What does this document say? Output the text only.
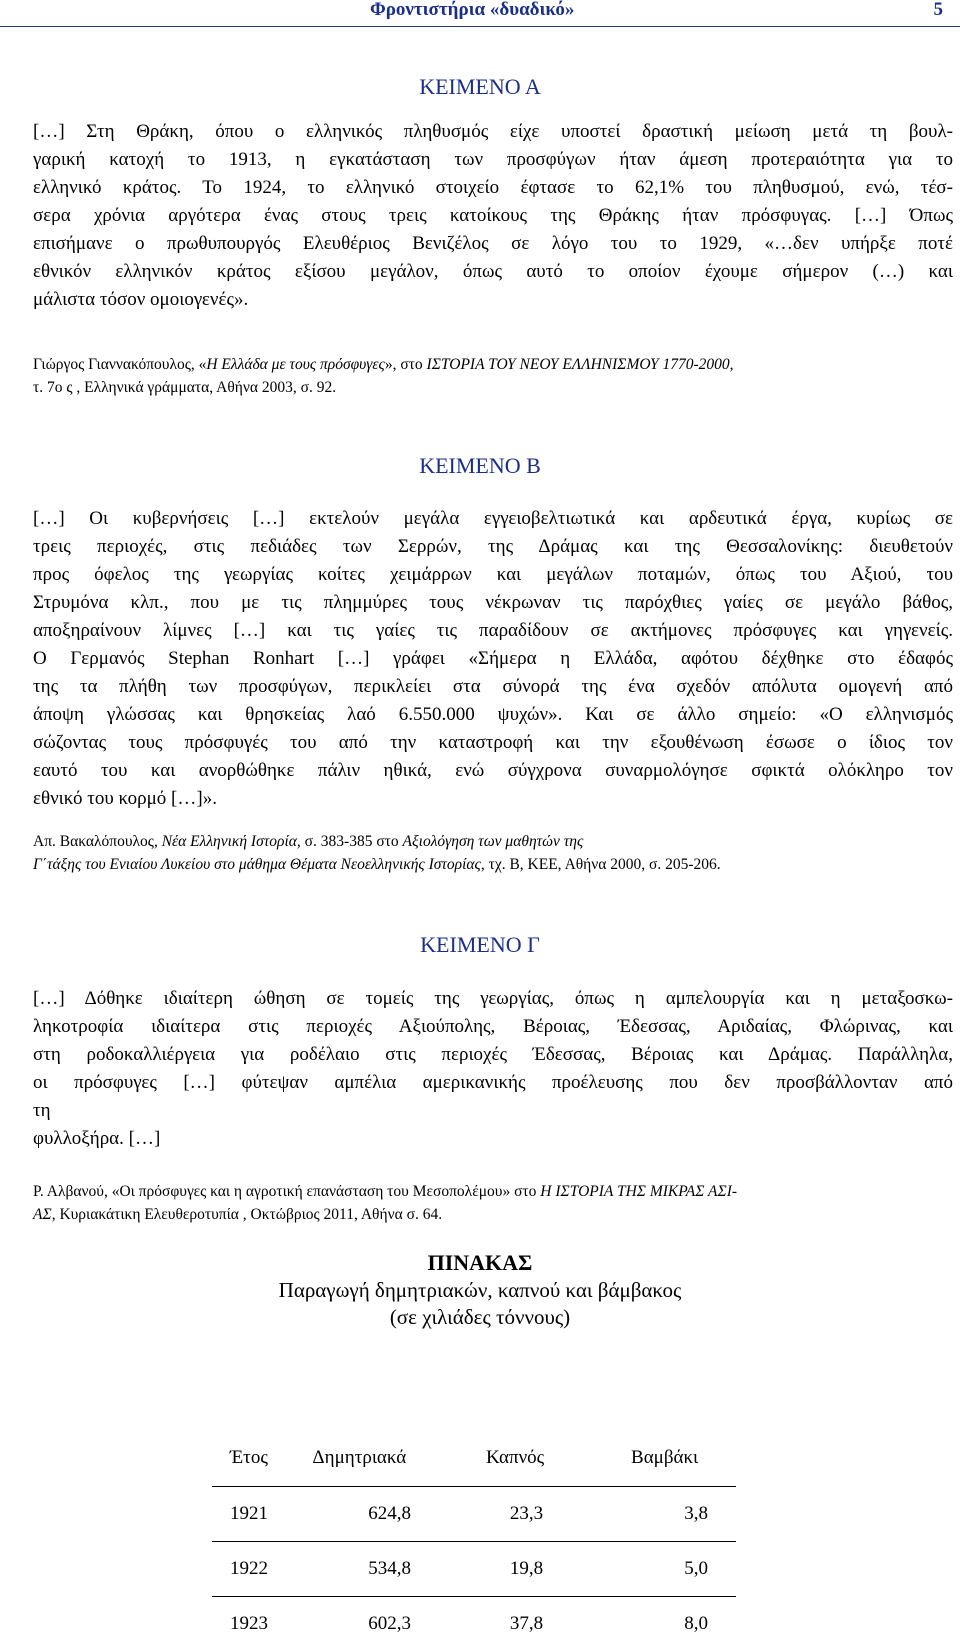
Φροντιστήρια «δυαδικό»	5
ΚΕΙΜΕΝΟ Α

[…] Στη Θράκη, όπου ο ελληνικός πληθυσμός είχε υποστεί δραστική μείωση μετά τη βουλ-
γαρική κατοχή το 1913, η εγκατάσταση των προσφύγων ήταν άμεση προτεραιότητα για το
ελληνικό κράτος. Το 1924, το ελληνικό στοιχείο έφτασε το 62,1% του πληθυσμού, ενώ, τέσ-
σερα χρόνια αργότερα ένας στους τρεις κατοίκους της Θράκης ήταν πρόσφυγας. […] Όπως
επισήμανε ο πρωθυπουργός Ελευθέριος Βενιζέλος σε λόγο του το 1929, «…δεν υπήρξε ποτέ
εθνικόν ελληνικόν κράτος εξίσου μεγάλον, όπως αυτό το οποίον έχουμε σήμερον (…) και
μάλιστα τόσον ομοιογενές».

Γιώργος Γιαννακόπουλος, «Η Ελλάδα με τους πρόσφυγες», στο ΙΣΤΟΡΙΑ ΤΟΥ ΝΕΟΥ ΕΛΛΗΝΙΣΜΟΥ 1770-2000,
τ. 7ο ς , Ελληνικά γράμματα, Αθήνα 2003, σ. 92.

ΚΕΙΜΕΝΟ Β

[…] Οι κυβερνήσεις […] εκτελούν μεγάλα εγγειοβελτιωτικά και αρδευτικά έργα, κυρίως σε
τρεις περιοχές, στις πεδιάδες των Σερρών, της Δράμας και της Θεσσαλονίκης: διευθετούν
προς όφελος της γεωργίας κοίτες χειμάρρων και μεγάλων ποταμών, όπως του Αξιού, του
Στρυμόνα κλπ., που με τις πλημμύρες τους νέκρωναν τις παρόχθιες γαίες σε μεγάλο βάθος,
αποξηραίνουν λίμνες […] και τις γαίες τις παραδίδουν σε ακτήμονες πρόσφυγες και γηγενείς.
Ο Γερμανός Stephan Ronhart […] γράφει «Σήμερα η Ελλάδα, αφότου δέχθηκε στο έδαφός
της τα πλήθη των προσφύγων, περικλείει στα σύνορά της ένα σχεδόν απόλυτα ομογενή από
άποψη γλώσσας και θρησκείας λαό 6.550.000 ψυχών». Και σε άλλο σημείο: «Ο ελληνισμός
σώζοντας τους πρόσφυγές του από την καταστροφή και την εξουθένωση έσωσε ο ίδιος τον
εαυτό του και ανορθώθηκε πάλιν ηθικά, ενώ σύγχρονα συναρμολόγησε σφικτά ολόκληρο τον
εθνικό του κορμό […]».

Απ. Βακαλόπουλος, Νέα Ελληνική Ιστορία, σ. 383-385 στο Αξιολόγηση των μαθητών της
Γ΄τάξης του Ενιαίου Λυκείου στο μάθημα Θέματα Νεοελληνικής Ιστορίας, τχ. Β, ΚΕΕ, Αθήνα 2000, σ. 205-206.

ΚΕΙΜΕΝΟ Γ

[…] Δόθηκε ιδιαίτερη ώθηση σε τομείς της γεωργίας, όπως η αμπελουργία και η μεταξοσκω-
ληκοτροφία ιδιαίτερα στις περιοχές Αξιούπολης, Βέροιας, Έδεσσας, Αριδαίας, Φλώρινας, και
στη ροδοκαλλιέργεια για ροδέλαιο στις περιοχές Έδεσσας, Βέροιας και Δράμας. Παράλληλα,
οι πρόσφυγες […] φύτεψαν αμπέλια αμερικανικής προέλευσης που δεν προσβάλλονταν από
τη
φυλλοξήρα. […]

Ρ. Αλβανού, «Οι πρόσφυγες και η αγροτική επανάσταση του Μεσοπολέμου» στο Η ΙΣΤΟΡΙΑ ΤΗΣ ΜΙΚΡΑΣ ΑΣΙ-
ΑΣ, Κυριακάτικη Ελευθεροτυπία , Οκτώβριος 2011, Αθήνα σ. 64.

ΠΙΝΑΚΑΣ
Παραγωγή δημητριακών, καπνού και βάμβακος
(σε χιλιάδες τόννους)
Έτος	Δημητριακά	Καπνός	Βαμβάκι
1921	624,8	23,3	3,8
1922	534,8	19,8	5,0
1923	602,3	37,8	8,0
